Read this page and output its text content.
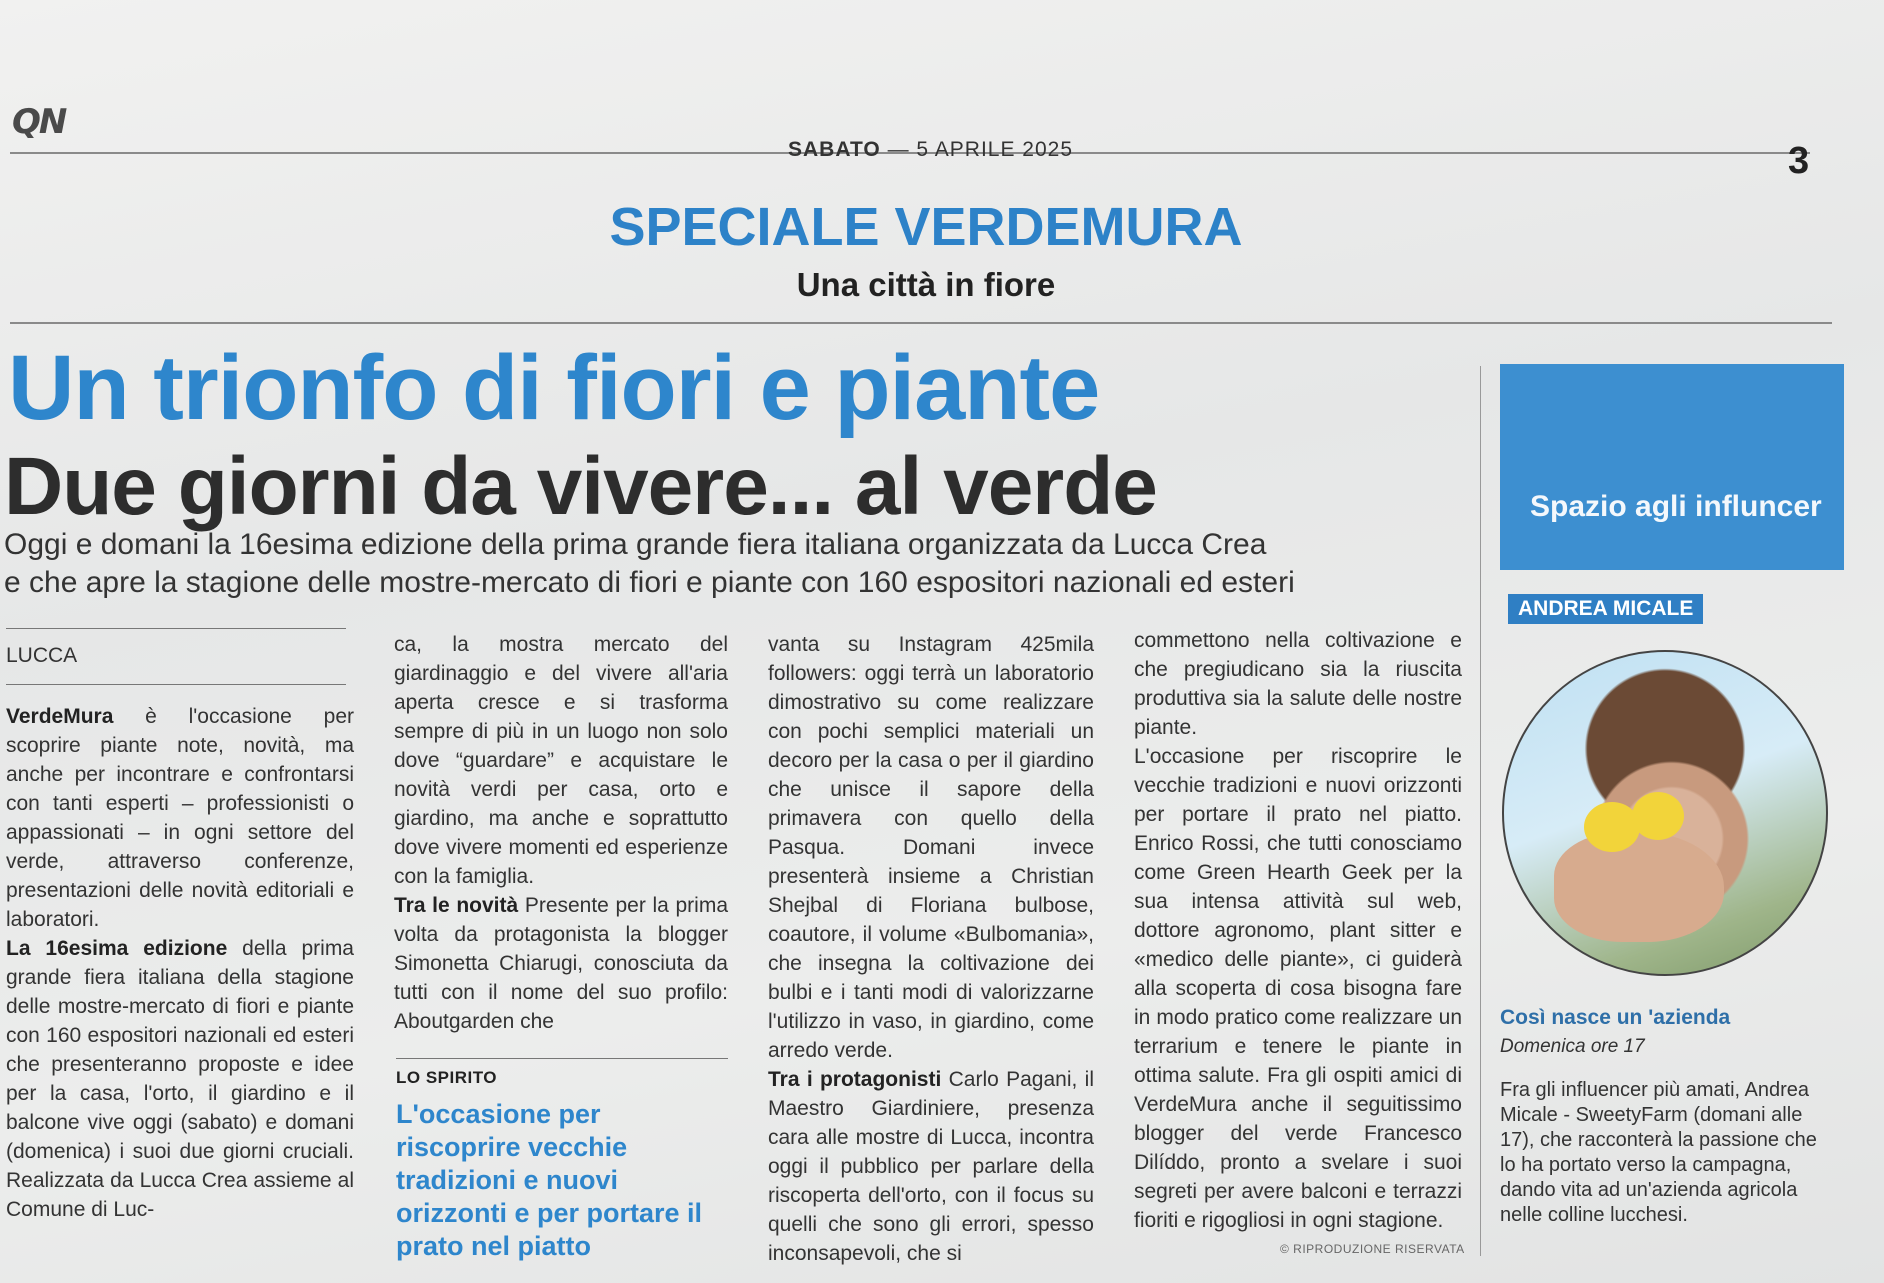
QN
SABATO — 5 APRILE 2025	3
SPECIALE VERDEMURA
Una città in fiore
Un trionfo di fiori e piante
Due giorni da vivere... al verde
Oggi e domani la 16esima edizione della prima grande fiera italiana organizzata da Lucca Crea
e che apre la stagione delle mostre-mercato di fiori e piante con 160 espositori nazionali ed esteri
LUCCA

VerdeMura è l'occasione per scoprire piante note, novità, ma anche per incontrare e confrontarsi con tanti esperti – professionisti o appassionati – in ogni settore del verde, attraverso conferenze, presentazioni delle novità editoriali e laboratori.

La 16esima edizione della prima grande fiera italiana della stagione delle mostre-mercato di fiori e piante con 160 espositori nazionali ed esteri che presenteranno proposte e idee per la casa, l'orto, il giardino e il balcone vive oggi (sabato) e domani (domenica) i suoi due giorni cruciali. Realizzata da Lucca Crea assieme al Comune di Luc-

ca, la mostra mercato del giardinaggio e del vivere all'aria aperta cresce e si trasforma sempre di più in un luogo non solo dove “guardare” e acquistare le novità verdi per casa, orto e giardino, ma anche e soprattutto dove vivere momenti ed esperienze con la famiglia.

Tra le novità Presente per la prima volta da protagonista la blogger Simonetta Chiarugi, conosciuta da tutti con il nome del suo profilo: Aboutgarden che

LO SPIRITO
L'occasione per riscoprire vecchie tradizioni e nuovi orizzonti e per portare il prato nel piatto

vanta su Instagram 425mila followers: oggi terrà un laboratorio dimostrativo su come realizzare con pochi semplici materiali un decoro per la casa o per il giardino che unisce il sapore della primavera con quello della Pasqua. Domani invece presenterà insieme a Christian Shejbal di Floriana bulbose, coautore, il volume «Bulbomania», che insegna la coltivazione dei bulbi e i tanti modi di valorizzarne l'utilizzo in vaso, in giardino, come arredo verde.

Tra i protagonisti Carlo Pagani, il Maestro Giardiniere, presenza cara alle mostre di Lucca, incontra oggi il pubblico per parlare della riscoperta dell'orto, con il focus su quelli che sono gli errori, spesso inconsapevoli, che si

commettono nella coltivazione e che pregiudicano sia la riuscita produttiva sia la salute delle nostre piante.

L'occasione per riscoprire le vecchie tradizioni e nuovi orizzonti per portare il prato nel piatto. Enrico Rossi, che tutti conosciamo come Green Hearth Geek per la sua intensa attività sul web, dottore agronomo, plant sitter e «medico delle piante», ci guiderà alla scoperta di cosa bisogna fare in modo pratico come realizzare un terrarium e tenere le piante in ottima salute. Fra gli ospiti amici di VerdeMura anche il seguitissimo blogger del verde Francesco Dilíddo, pronto a svelare i suoi segreti per avere balconi e terrazzi fioriti e rigogliosi in ogni stagione.

© RIPRODUZIONE RISERVATA
Spazio agli influncer
ANDREA MICALE
Così nasce un 'azienda
Domenica ore 17
Fra gli influencer più amati, Andrea Micale - SweetyFarm (domani alle 17), che racconterà la passione che lo ha portato verso la campagna, dando vita ad un'azienda agricola nelle colline lucchesi.
